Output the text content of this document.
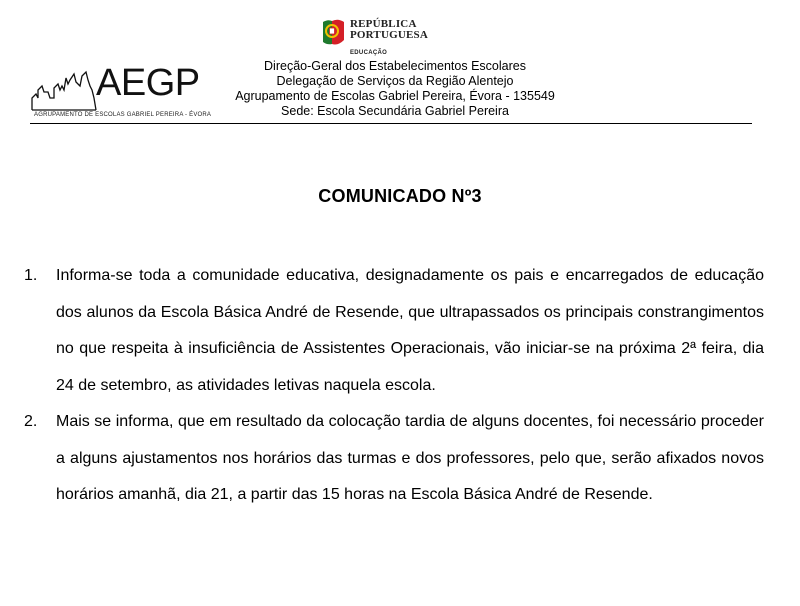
REPÚBLICA
PORTUGUESA
EDUCAÇÃO
AEGP
AGRUPAMENTO DE ESCOLAS GABRIEL PEREIRA - ÉVORA
Direção-Geral dos Estabelecimentos Escolares
Delegação de Serviços da Região Alentejo
Agrupamento de Escolas Gabriel Pereira, Évora - 135549
Sede: Escola Secundária Gabriel Pereira
COMUNICADO Nº3
1. Informa-se toda a comunidade educativa, designadamente os pais e encarregados de educação dos alunos da Escola Básica André de Resende, que ultrapassados os principais constrangimentos no que respeita à insuficiência de Assistentes Operacionais, vão iniciar-se na próxima 2ª feira, dia 24 de setembro, as atividades letivas naquela escola.
2. Mais se informa, que em resultado da colocação tardia de alguns docentes, foi necessário proceder a alguns ajustamentos nos horários das turmas e dos professores, pelo que, serão afixados novos horários amanhã, dia 21, a partir das 15 horas na Escola Básica André de Resende.
